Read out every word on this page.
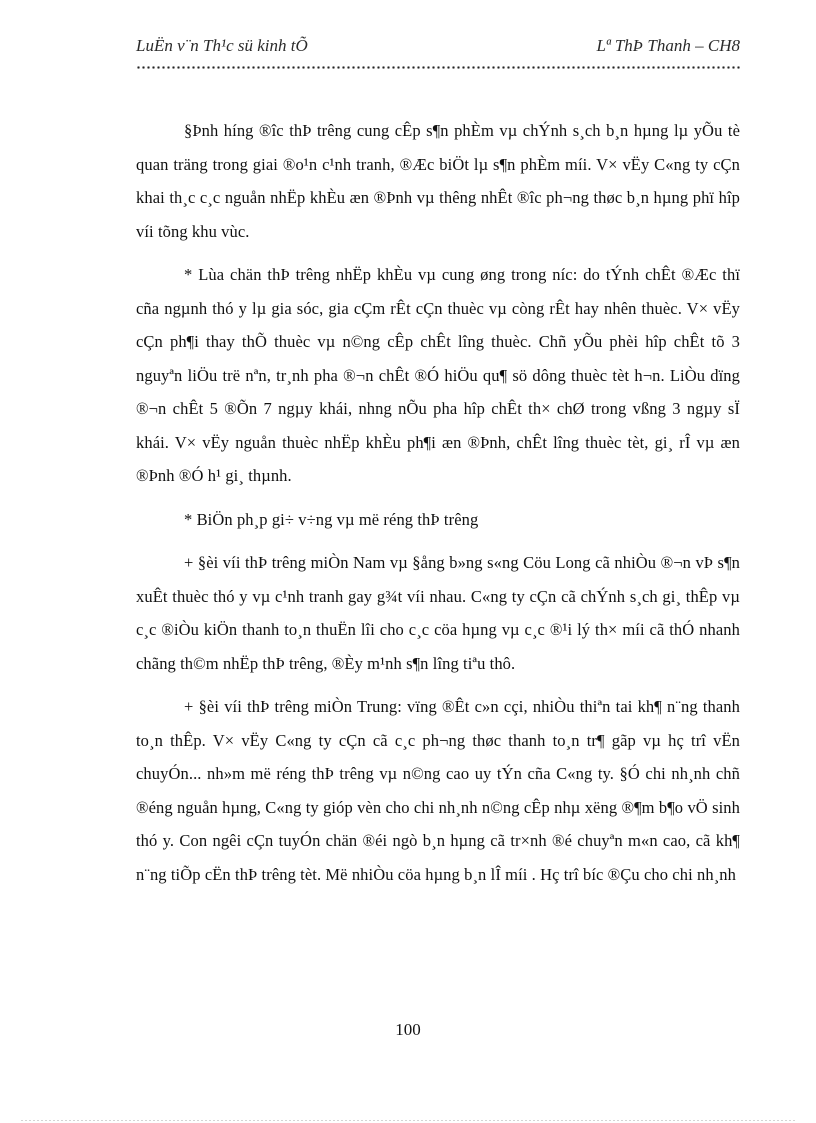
LuËn v¨n Th¹c sü kinh tÕ	Lª ThÞ Thanh – CH8

§Þnh híng ®îc thÞ trêng cung cÊp s¶n phÈm vµ chÝnh s¸ch b¸n hµng lµ yÕu tè quan träng trong giai ®o¹n c¹nh tranh, ®Æc biÖt lµ s¶n phÈm míi. V× vËy C«ng ty cÇn khai th¸c c¸c nguån nhËp khÈu æn ®Þnh vµ thêng nhÊt ®îc ph¬ng thøc b¸n hµng phï hîp víi tõng khu vùc.

* Lùa chän thÞ trêng nhËp khÈu vµ cung øng trong níc: do tÝnh chÊt ®Æc thï cña ngµnh thó y lµ gia sóc, gia cÇm rÊt cÇn thuèc vµ còng rÊt hay nhên thuèc. V× vËy cÇn ph¶i thay thÕ thuèc vµ n©ng cÊp chÊt lîng thuèc. Chñ yÕu phèi hîp chÊt tõ 3 nguyªn liÖu trë nªn, tr¸nh pha ®¬n chÊt ®Ó hiÖu qu¶ sö dông thuèc tèt h¬n. LiÒu dïng ®¬n chÊt 5 ®Õn 7 ngµy khái, nhng nÕu pha hîp chÊt th× chØ trong vßng 3 ngµy sÏ khái. V× vËy nguån thuèc nhËp khÈu ph¶i æn ®Þnh, chÊt lîng thuèc tèt, gi¸ rÎ vµ æn ®Þnh ®Ó h¹ gi¸ thµnh.

* BiÖn ph¸p gi÷ v÷ng vµ më réng thÞ trêng

+ §èi víi thÞ trêng miÒn Nam vµ §ång b»ng s«ng Cöu Long cã nhiÒu ®¬n vÞ s¶n xuÊt thuèc thó y vµ c¹nh tranh gay g¾t víi nhau. C«ng ty cÇn cã chÝnh s¸ch gi¸ thÊp vµ c¸c ®iÒu kiÖn thanh to¸n thuËn lîi cho c¸c cöa hµng vµ c¸c ®¹i lý th× míi cã thÓ nhanh chãng th©m nhËp thÞ trêng, ®Èy m¹nh s¶n lîng tiªu thô.

+ §èi víi thÞ trêng miÒn Trung: vïng ®Êt c»n cçi, nhiÒu thiªn tai kh¶ n¨ng thanh to¸n thÊp. V× vËy C«ng ty cÇn cã c¸c ph¬ng thøc thanh to¸n tr¶ gãp vµ hç trî vËn chuyÓn... nh»m më réng thÞ trêng vµ n©ng cao uy tÝn cña C«ng ty. §Ó chi nh¸nh chñ ®éng nguån hµng, C«ng ty gióp vèn cho chi nh¸nh n©ng cÊp nhµ xëng ®¶m b¶o vÖ sinh thó y. Con ngêi cÇn tuyÓn chän ®éi ngò b¸n hµng cã tr×nh ®é chuyªn m«n cao, cã kh¶ n¨ng tiÕp cËn thÞ trêng tèt. Më nhiÒu cöa hµng b¸n lÎ míi . Hç trî bíc ®Çu cho chi nh¸nh

100
